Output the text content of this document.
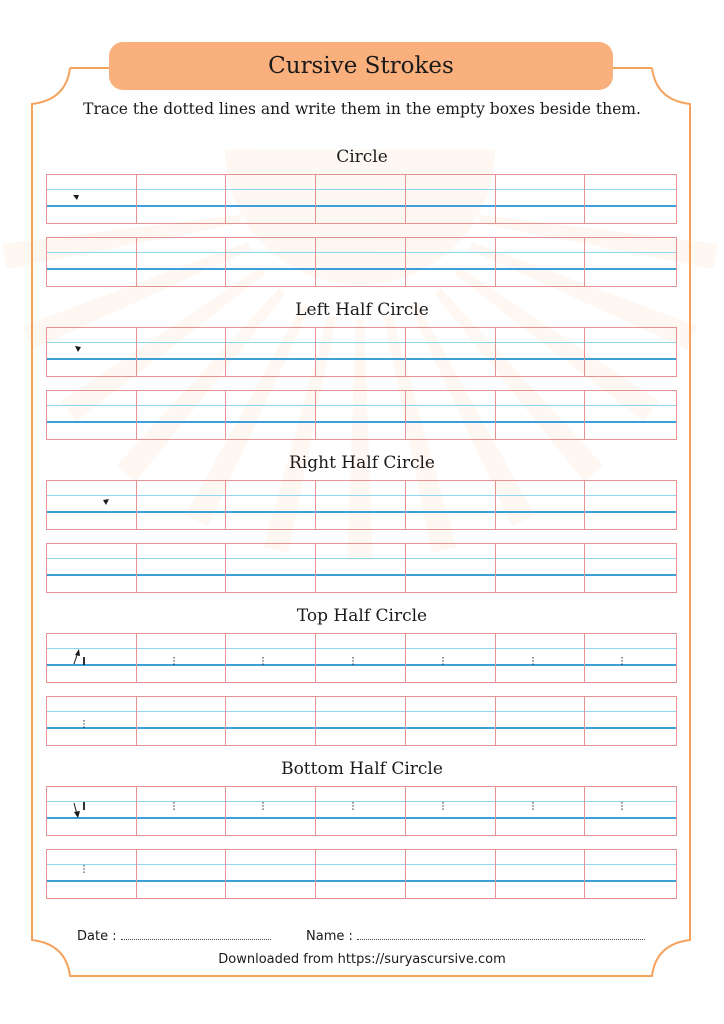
Cursive Strokes
Trace the dotted lines and write them in the empty boxes beside them.
Circle
Left Half Circle
Right Half Circle
Top Half Circle
Bottom Half Circle
Date :	Name :
Downloaded from https://suryascursive.com
